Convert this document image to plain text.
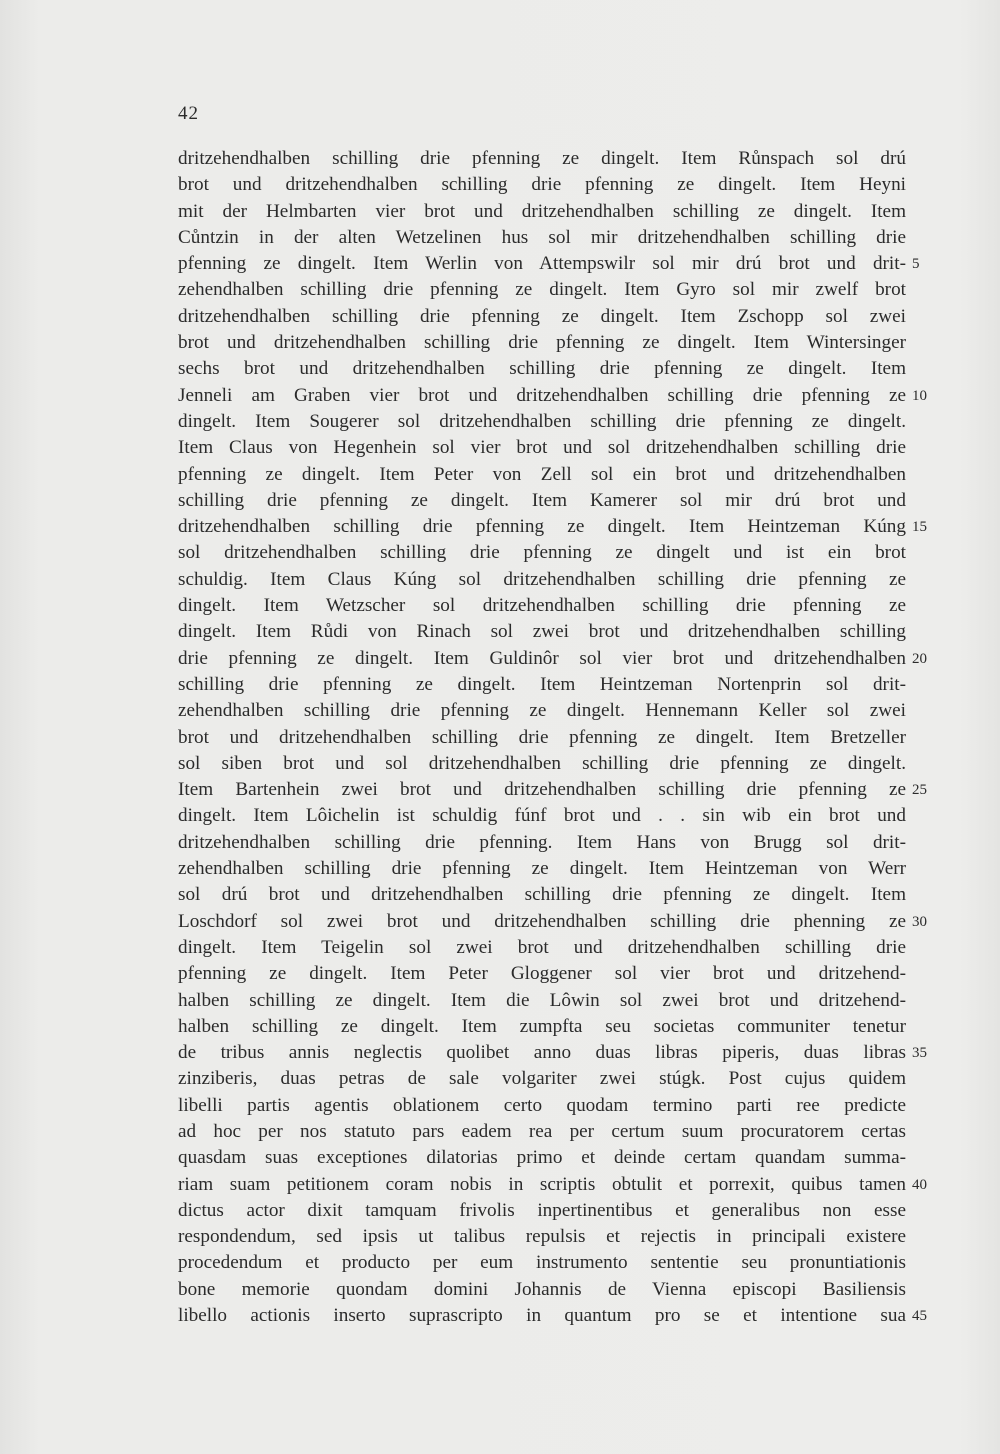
42
dritzehendhalben schilling drie pfenning ze dingelt. Item Růnspach sol drú
brot und dritzehendhalben schilling drie pfenning ze dingelt. Item Heyni
mit der Helmbarten vier brot und dritzehendhalben schilling ze dingelt. Item
Cůntzin in der alten Wetzelinen hus sol mir dritzehendhalben schilling drie
pfenning ze dingelt. Item Werlin von Attempswilr sol mir drú brot und drit-
zehendhalben schilling drie pfenning ze dingelt. Item Gyro sol mir zwelf brot
dritzehendhalben schilling drie pfenning ze dingelt. Item Zschopp sol zwei
brot und dritzehendhalben schilling drie pfenning ze dingelt. Item Wintersinger
sechs brot und dritzehendhalben schilling drie pfenning ze dingelt. Item
Jenneli am Graben vier brot und dritzehendhalben schilling drie pfenning ze
dingelt. Item Sougerer sol dritzehendhalben schilling drie pfenning ze dingelt.
Item Claus von Hegenhein sol vier brot und sol dritzehendhalben schilling drie
pfenning ze dingelt. Item Peter von Zell sol ein brot und dritzehendhalben
schilling drie pfenning ze dingelt. Item Kamerer sol mir drú brot und
dritzehendhalben schilling drie pfenning ze dingelt. Item Heintzeman Kúng
sol dritzehendhalben schilling drie pfenning ze dingelt und ist ein brot
schuldig. Item Claus Kúng sol dritzehendhalben schilling drie pfenning ze
dingelt. Item Wetzscher sol dritzehendhalben schilling drie pfenning ze
dingelt. Item Růdi von Rinach sol zwei brot und dritzehendhalben schilling
drie pfenning ze dingelt. Item Guldinôr sol vier brot und dritzehendhalben
schilling drie pfenning ze dingelt. Item Heintzeman Nortenprin sol drit-
zehendhalben schilling drie pfenning ze dingelt. Hennemann Keller sol zwei
brot und dritzehendhalben schilling drie pfenning ze dingelt. Item Bretzeller
sol siben brot und sol dritzehendhalben schilling drie pfenning ze dingelt.
Item Bartenhein zwei brot und dritzehendhalben schilling drie pfenning ze
dingelt. Item Lôichelin ist schuldig fúnf brot und . . sin wib ein brot und
dritzehendhalben schilling drie pfenning. Item Hans von Brugg sol drit-
zehendhalben schilling drie pfenning ze dingelt. Item Heintzeman von Werr
sol drú brot und dritzehendhalben schilling drie pfenning ze dingelt. Item
Loschdorf sol zwei brot und dritzehendhalben schilling drie phenning ze
dingelt. Item Teigelin sol zwei brot und dritzehendhalben schilling drie
pfenning ze dingelt. Item Peter Gloggener sol vier brot und dritzehend-
halben schilling ze dingelt. Item die Lôwin sol zwei brot und dritzehend-
halben schilling ze dingelt. Item zumpfta seu societas communiter tenetur
de tribus annis neglectis quolibet anno duas libras piperis, duas libras
zinziberis, duas petras de sale volgariter zwei stúgk. Post cujus quidem
libelli partis agentis oblationem certo quodam termino parti ree predicte
ad hoc per nos statuto pars eadem rea per certum suum procuratorem certas
quasdam suas exceptiones dilatorias primo et deinde certam quandam summa-
riam suam petitionem coram nobis in scriptis obtulit et porrexit, quibus tamen
dictus actor dixit tamquam frivolis inpertinentibus et generalibus non esse
respondendum, sed ipsis ut talibus repulsis et rejectis in principali existere
procedendum et producto per eum instrumento sententie seu pronuntiationis
bone memorie quondam domini Johannis de Vienna episcopi Basiliensis
libello actionis inserto suprascripto in quantum pro se et intentione sua
5
10
15
20
25
30
35
40
45
